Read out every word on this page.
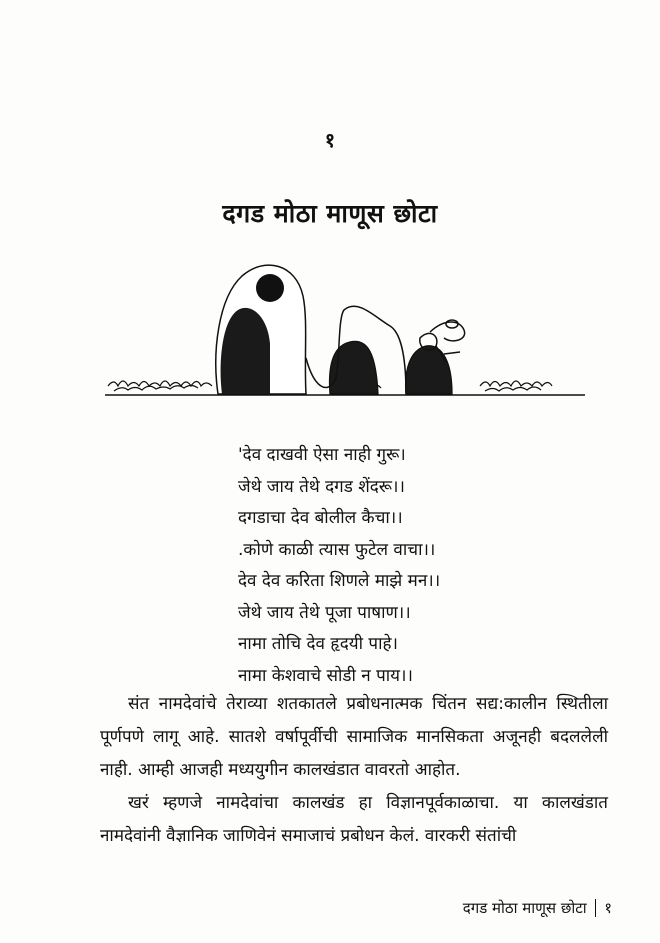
१
दगड मोठा माणूस छोटा
'देव दाखवी ऐसा नाही गुरू।
जेथे जाय तेथे दगड शेंदरू।।
दगडाचा देव बोलील कैचा।।
.कोणे काळी त्यास फुटेल वाचा।।
देव देव करिता शिणले माझे मन।।
जेथे जाय तेथे पूजा पाषाण।।
नामा तोचि देव हृदयी पाहे।
नामा केशवाचे सोडी न पाय।।

संत नामदेवांचे तेराव्या शतकातले प्रबोधनात्मक चिंतन सद्य:कालीन स्थितीला पूर्णपणे लागू आहे. सातशे वर्षापूर्वीची सामाजिक मानसिकता अजूनही बदललेली नाही. आम्ही आजही मध्ययुगीन कालखंडात वावरतो आहोत.

खरं म्हणजे नामदेवांचा कालखंड हा विज्ञानपूर्वकाळाचा. या कालखंडात नामदेवांनी वैज्ञानिक जाणिवेनं समाजाचं प्रबोधन केलं. वारकरी संतांची

दगड मोठा माणूस छोटा १
